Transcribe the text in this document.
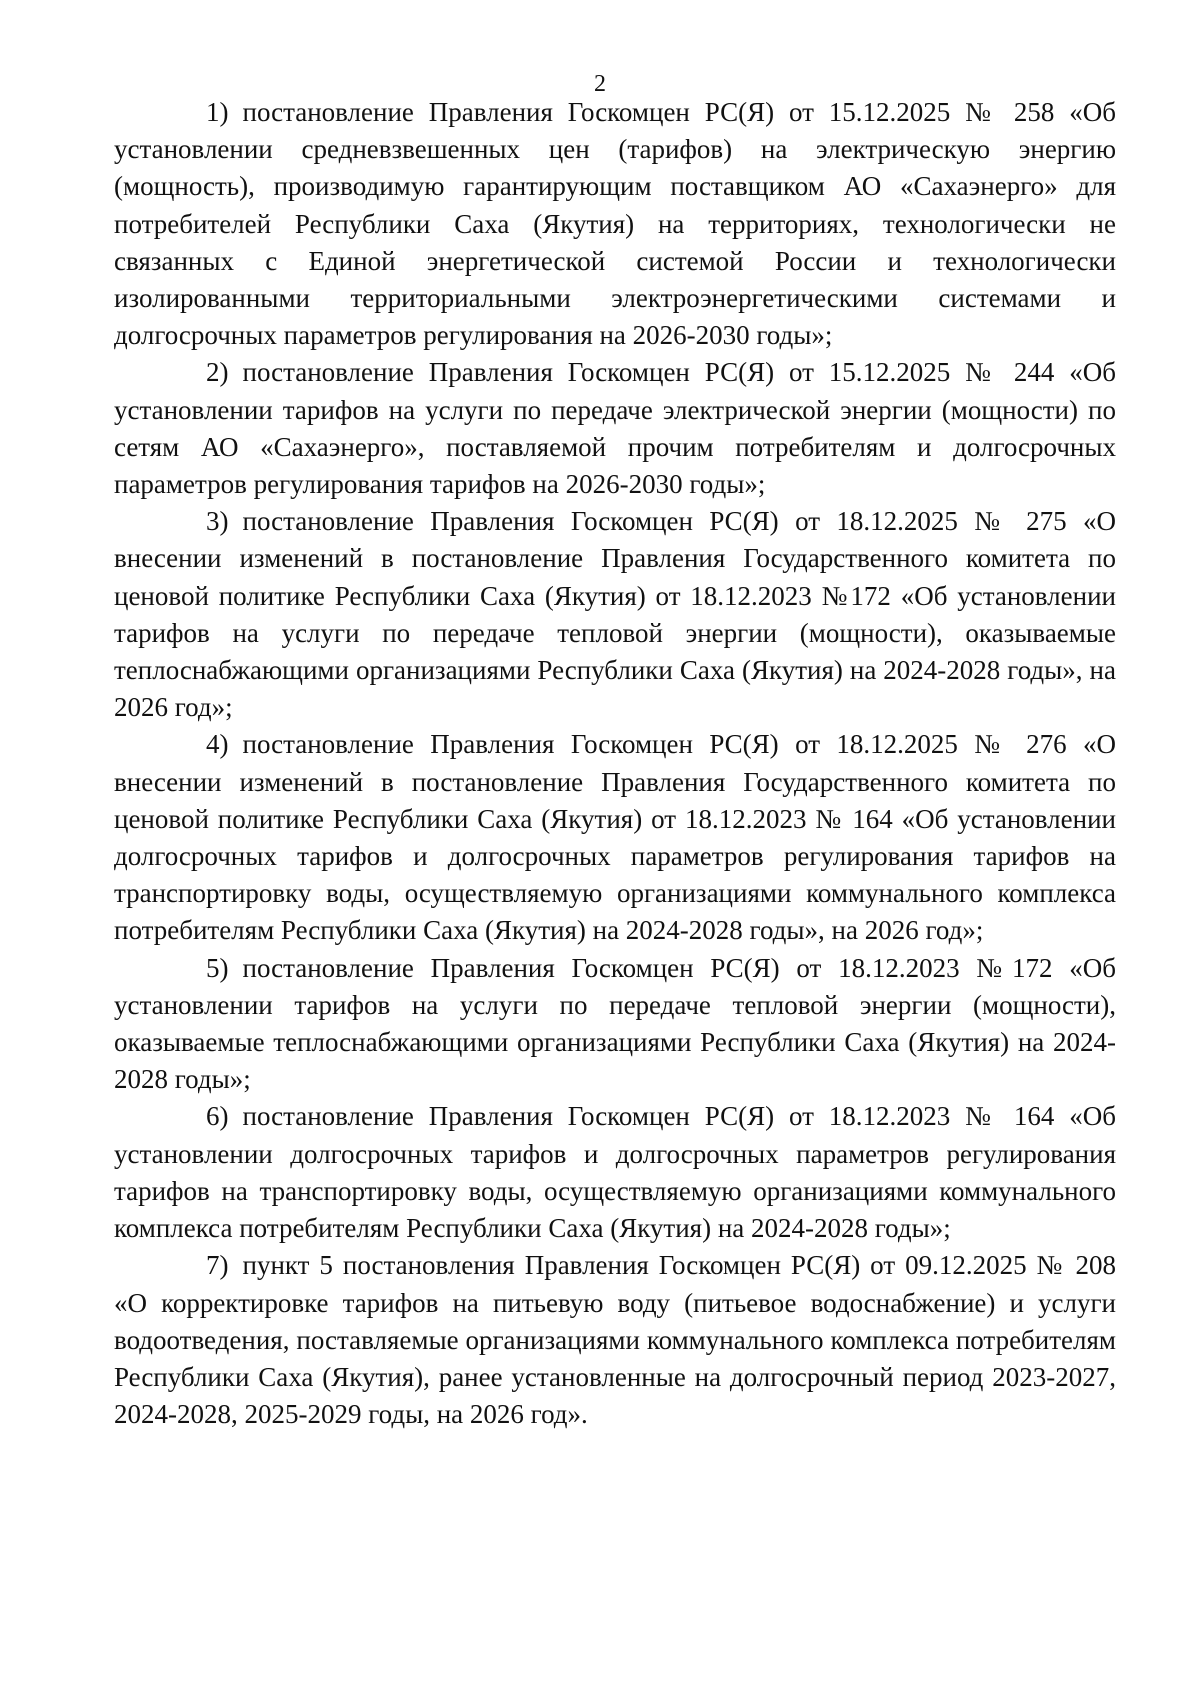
2

1) постановление Правления Госкомцен РС(Я) от 15.12.2025 № 258 «Об установлении средневзвешенных цен (тарифов) на электрическую энергию (мощность), производимую гарантирующим поставщиком АО «Сахаэнерго» для потребителей Республики Саха (Якутия) на территориях, технологически не связанных с Единой энергетической системой России и технологически изолированными территориальными электроэнергетическими системами и долгосрочных параметров регулирования на 2026-2030 годы»;

2) постановление Правления Госкомцен РС(Я) от 15.12.2025 № 244 «Об установлении тарифов на услуги по передаче электрической энергии (мощности) по сетям АО «Сахаэнерго», поставляемой прочим потребителям и долгосрочных параметров регулирования тарифов на 2026-2030 годы»;

3) постановление Правления Госкомцен РС(Я) от 18.12.2025 № 275 «О внесении изменений в постановление Правления Государственного комитета по ценовой политике Республики Саха (Якутия) от 18.12.2023 №172 «Об установлении тарифов на услуги по передаче тепловой энергии (мощности), оказываемые теплоснабжающими организациями Республики Саха (Якутия) на 2024-2028 годы», на 2026 год»;

4) постановление Правления Госкомцен РС(Я) от 18.12.2025 № 276 «О внесении изменений в постановление Правления Государственного комитета по ценовой политике Республики Саха (Якутия) от 18.12.2023 № 164 «Об установлении долгосрочных тарифов и долгосрочных параметров регулирования тарифов на транспортировку воды, осуществляемую организациями коммунального комплекса потребителям Республики Саха (Якутия) на 2024-2028 годы», на 2026 год»;

5) постановление Правления Госкомцен РС(Я) от 18.12.2023 №172 «Об установлении тарифов на услуги по передаче тепловой энергии (мощности), оказываемые теплоснабжающими организациями Республики Саха (Якутия) на 2024-2028 годы»;

6) постановление Правления Госкомцен РС(Я) от 18.12.2023 № 164 «Об установлении долгосрочных тарифов и долгосрочных параметров регулирования тарифов на транспортировку воды, осуществляемую организациями коммунального комплекса потребителям Республики Саха (Якутия) на 2024-2028 годы»;

7) пункт 5 постановления Правления Госкомцен РС(Я) от 09.12.2025 № 208 «О корректировке тарифов на питьевую воду (питьевое водоснабжение) и услуги водоотведения, поставляемые организациями коммунального комплекса потребителям Республики Саха (Якутия), ранее установленные на долгосрочный период 2023-2027, 2024-2028, 2025-2029 годы, на 2026 год».
